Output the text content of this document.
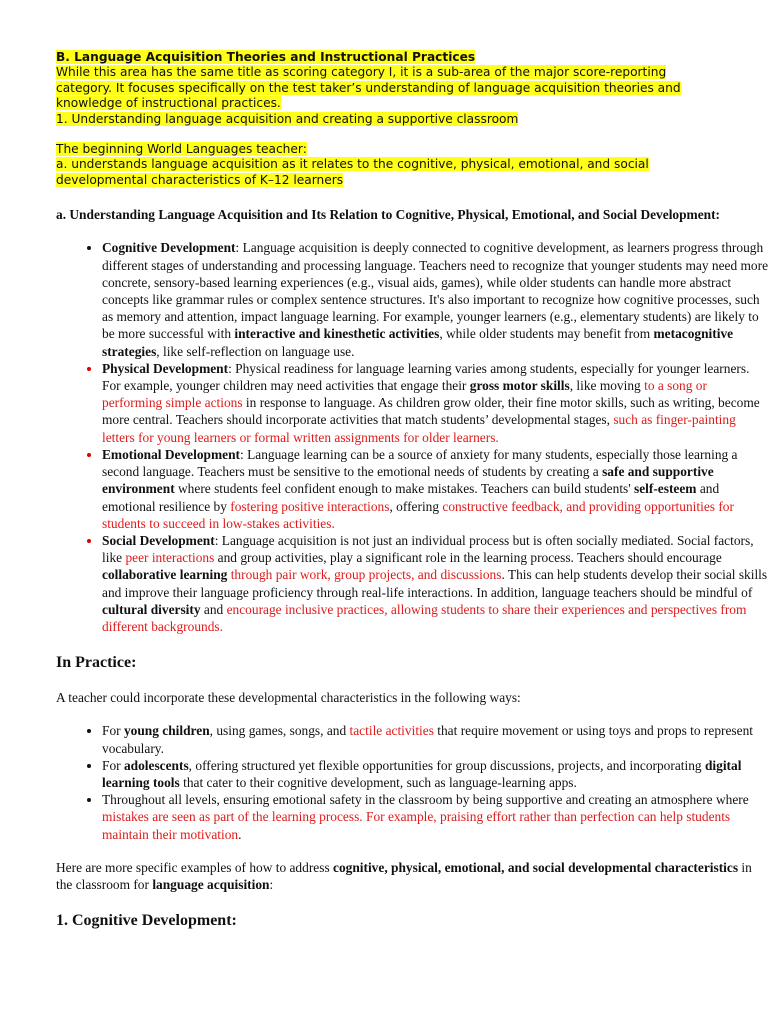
B. Language Acquisition Theories and Instructional Practices
While this area has the same title as scoring category I, it is a sub-area of the major score-reporting
category. It focuses specifically on the test taker’s understanding of language acquisition theories and
knowledge of instructional practices.
1. Understanding language acquisition and creating a supportive classroom
The beginning World Languages teacher:
a. understands language acquisition as it relates to the cognitive, physical, emotional, and social
developmental characteristics of K–12 learners
a. Understanding Language Acquisition and Its Relation to Cognitive, Physical, Emotional, and Social Development:
• Cognitive Development: Language acquisition is deeply connected to cognitive development, as learners progress through different stages of understanding and processing language. Teachers need to recognize that younger students may need more concrete, sensory-based learning experiences (e.g., visual aids, games), while older students can handle more abstract concepts like grammar rules or complex sentence structures. It's also important to recognize how cognitive processes, such as memory and attention, impact language learning. For example, younger learners (e.g., elementary students) are likely to be more successful with interactive and kinesthetic activities, while older students may benefit from metacognitive strategies, like self-reflection on language use.
• Physical Development: Physical readiness for language learning varies among students, especially for younger learners. For example, younger children may need activities that engage their gross motor skills, like moving to a song or performing simple actions in response to language. As children grow older, their fine motor skills, such as writing, become more central. Teachers should incorporate activities that match students’ developmental stages, such as finger-painting letters for young learners or formal written assignments for older learners.
• Emotional Development: Language learning can be a source of anxiety for many students, especially those learning a second language. Teachers must be sensitive to the emotional needs of students by creating a safe and supportive environment where students feel confident enough to make mistakes. Teachers can build students' self-esteem and emotional resilience by fostering positive interactions, offering constructive feedback, and providing opportunities for students to succeed in low-stakes activities.
• Social Development: Language acquisition is not just an individual process but is often socially mediated. Social factors, like peer interactions and group activities, play a significant role in the learning process. Teachers should encourage collaborative learning through pair work, group projects, and discussions. This can help students develop their social skills and improve their language proficiency through real-life interactions. In addition, language teachers should be mindful of cultural diversity and encourage inclusive practices, allowing students to share their experiences and perspectives from different backgrounds.
In Practice:

A teacher could incorporate these developmental characteristics in the following ways:

• For young children, using games, songs, and tactile activities that require movement or using toys and props to represent vocabulary.
• For adolescents, offering structured yet flexible opportunities for group discussions, projects, and incorporating digital learning tools that cater to their cognitive development, such as language-learning apps.
• Throughout all levels, ensuring emotional safety in the classroom by being supportive and creating an atmosphere where mistakes are seen as part of the learning process. For example, praising effort rather than perfection can help students maintain their motivation.

Here are more specific examples of how to address cognitive, physical, emotional, and social developmental characteristics in the classroom for language acquisition:

1. Cognitive Development:
